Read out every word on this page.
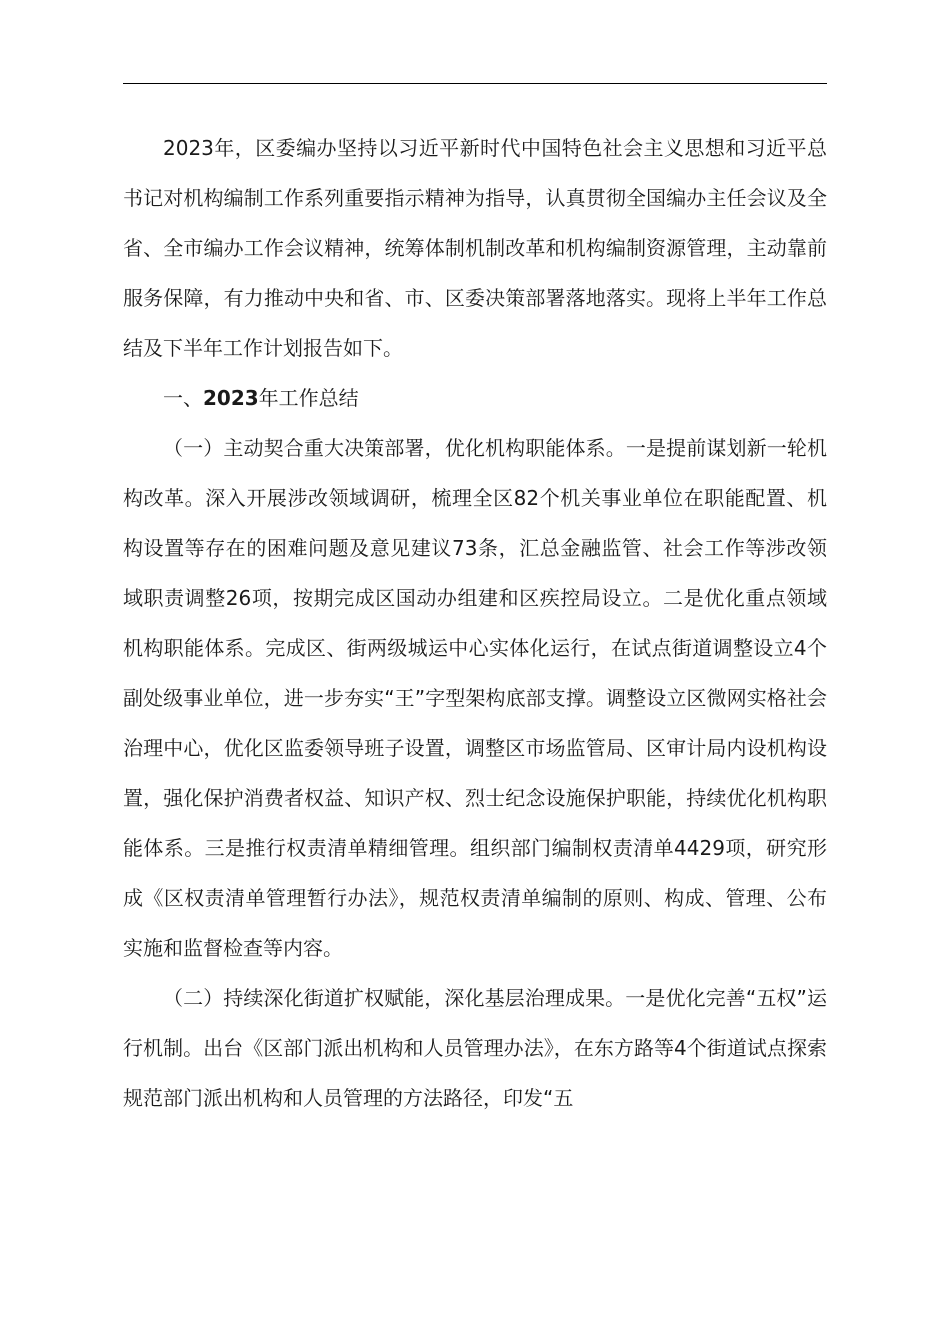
2023年，区委编办坚持以习近平新时代中国特色社会主义思想和习近平总书记对机构编制工作系列重要指示精神为指导，认真贯彻全国编办主任会议及全省、全市编办工作会议精神，统筹体制机制改革和机构编制资源管理，主动靠前服务保障，有力推动中央和省、市、区委决策部署落地落实。现将上半年工作总结及下半年工作计划报告如下。

一、2023年工作总结

（一）主动契合重大决策部署，优化机构职能体系。一是提前谋划新一轮机构改革。深入开展涉改领域调研，梳理全区82个机关事业单位在职能配置、机构设置等存在的困难问题及意见建议73条，汇总金融监管、社会工作等涉改领域职责调整26项，按期完成区国动办组建和区疾控局设立。二是优化重点领域机构职能体系。完成区、街两级城运中心实体化运行，在试点街道调整设立4个副处级事业单位，进一步夯实“王”字型架构底部支撑。调整设立区微网实格社会治理中心，优化区监委领导班子设置，调整区市场监管局、区审计局内设机构设置，强化保护消费者权益、知识产权、烈士纪念设施保护职能，持续优化机构职能体系。三是推行权责清单精细管理。组织部门编制权责清单4429项，研究形成《区权责清单管理暂行办法》，规范权责清单编制的原则、构成、管理、公布实施和监督检查等内容。

（二）持续深化街道扩权赋能，深化基层治理成果。一是优化完善“五权”运行机制。出台《区部门派出机构和人员管理办法》，在东方路等4个街道试点探索规范部门派出机构和人员管理的方法路径，印发“五
